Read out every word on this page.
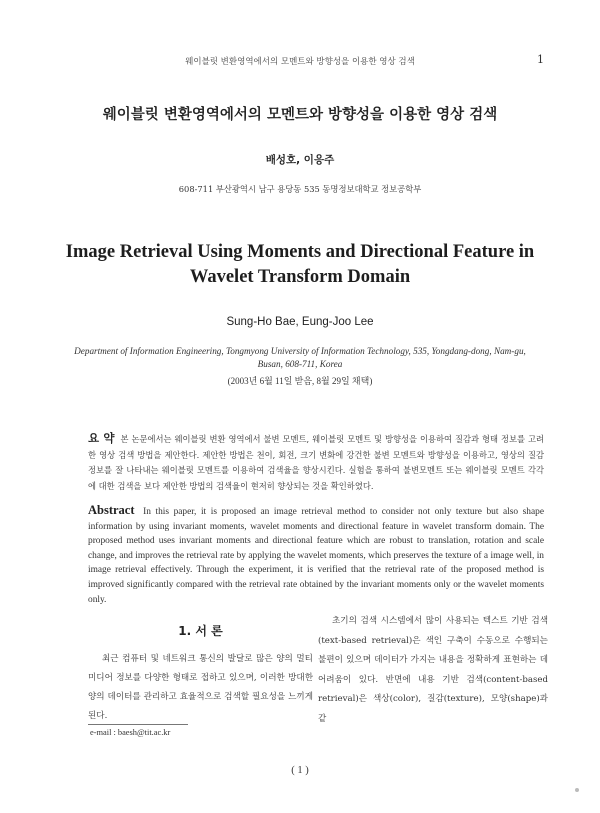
웨이블릿 변환영역에서의 모멘트와 방향성을 이용한 영상 검색	1
웨이블릿 변환영역에서의 모멘트와 방향성을 이용한 영상 검색
배성호, 이응주
608-711 부산광역시 남구 용당동 535 동명정보대학교 정보공학부
Image Retrieval Using Moments and Directional Feature in Wavelet Transform Domain
Sung-Ho Bae, Eung-Joo Lee
Department of Information Engineering, Tongmyong University of Information Technology, 535, Yongdang-dong, Nam-gu, Busan, 608-711, Korea
(2003년 6월 11일 받음, 8월 29일 채택)
요 약 본 논문에서는 웨이블릿 변환 영역에서 불변 모멘트, 웨이블릿 모멘트 및 방향성을 이용하여 질감과 형태 정보를 고려한 영상 검색 방법을 제안한다. 제안한 방법은 천이, 회전, 크기 변화에 강건한 불변 모멘트와 방향성을 이용하고, 영상의 질감 정보를 잘 나타내는 웨이블릿 모멘트를 이용하여 검색율을 향상시킨다. 실험을 통하여 불변모멘트 또는 웨이블릿 모멘트 각각에 대한 검색을 보다 제안한 방법의 검색율이 현저히 향상되는 것을 확인하였다.
Abstract In this paper, it is proposed an image retrieval method to consider not only texture but also shape information by using invariant moments, wavelet moments and directional feature in wavelet transform domain. The proposed method uses invariant moments and directional feature which are robust to translation, rotation and scale change, and improves the retrieval rate by applying the wavelet moments, which preserves the texture of a image well, in image retrieval effectively. Through the experiment, it is verified that the retrieval rate of the proposed method is improved significantly compared with the retrieval rate obtained by the invariant moments only or the wavelet moments only.
1. 서 론
최근 컴퓨터 및 네트워크 통신의 발달로 많은 양의 멀티미디어 정보를 다양한 형태로 접하고 있으며, 이러한 방대한 양의 데이터를 관리하고 효율적으로 검색할 필요성을 느끼게 된다.
초기의 검색 시스템에서 많이 사용되는 텍스트 기반 검색(text-based retrieval)은 색인 구축이 수동으로 수행되는 불편이 있으며 데이터가 가지는 내용을 정확하게 표현하는 데 어려움이 있다. 반면에 내용 기반 검색(content-based retrieval)은 색상(color), 질감(texture), 모양(shape)과 같
e-mail : baesh@tit.ac.kr
( 1 )
